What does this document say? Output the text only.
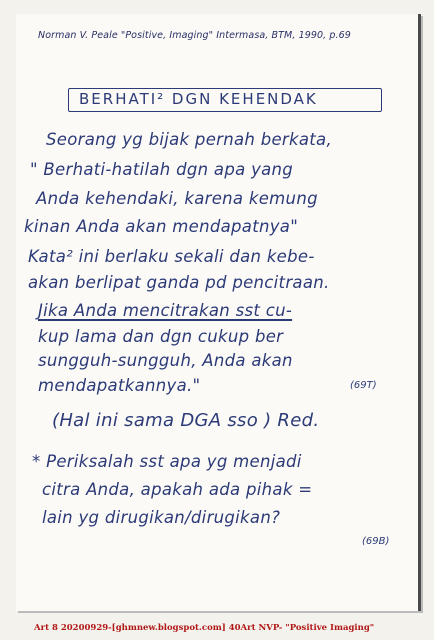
Norman V. Peale "Positive, Imaging" Intermasa, BTM, 1990, p.69
BERHATI² DGN KEHENDAK
Seorang yg bijak pernah berkata,
" Berhati-hatilah dgn apa yang
Anda kehendaki, karena kemung
kinan Anda akan mendapatnya"
Kata² ini berlaku sekali dan kebe-
akan berlipat ganda pd pencitraan.
Jika Anda mencitrakan sst cu-
kup lama dan dgn cukup ber
sungguh-sungguh, Anda akan
mendapatkannya."	(69T)
(Hal ini sama DGA sso ) Red.
* Periksalah sst apa yg menjadi
citra Anda, apakah ada pihak =
lain yg dirugikan/dirugikan?
(69B)
Art 8 20200929-[ghmnew.blogspot.com] 40Art NVP- "Positive Imaging"
